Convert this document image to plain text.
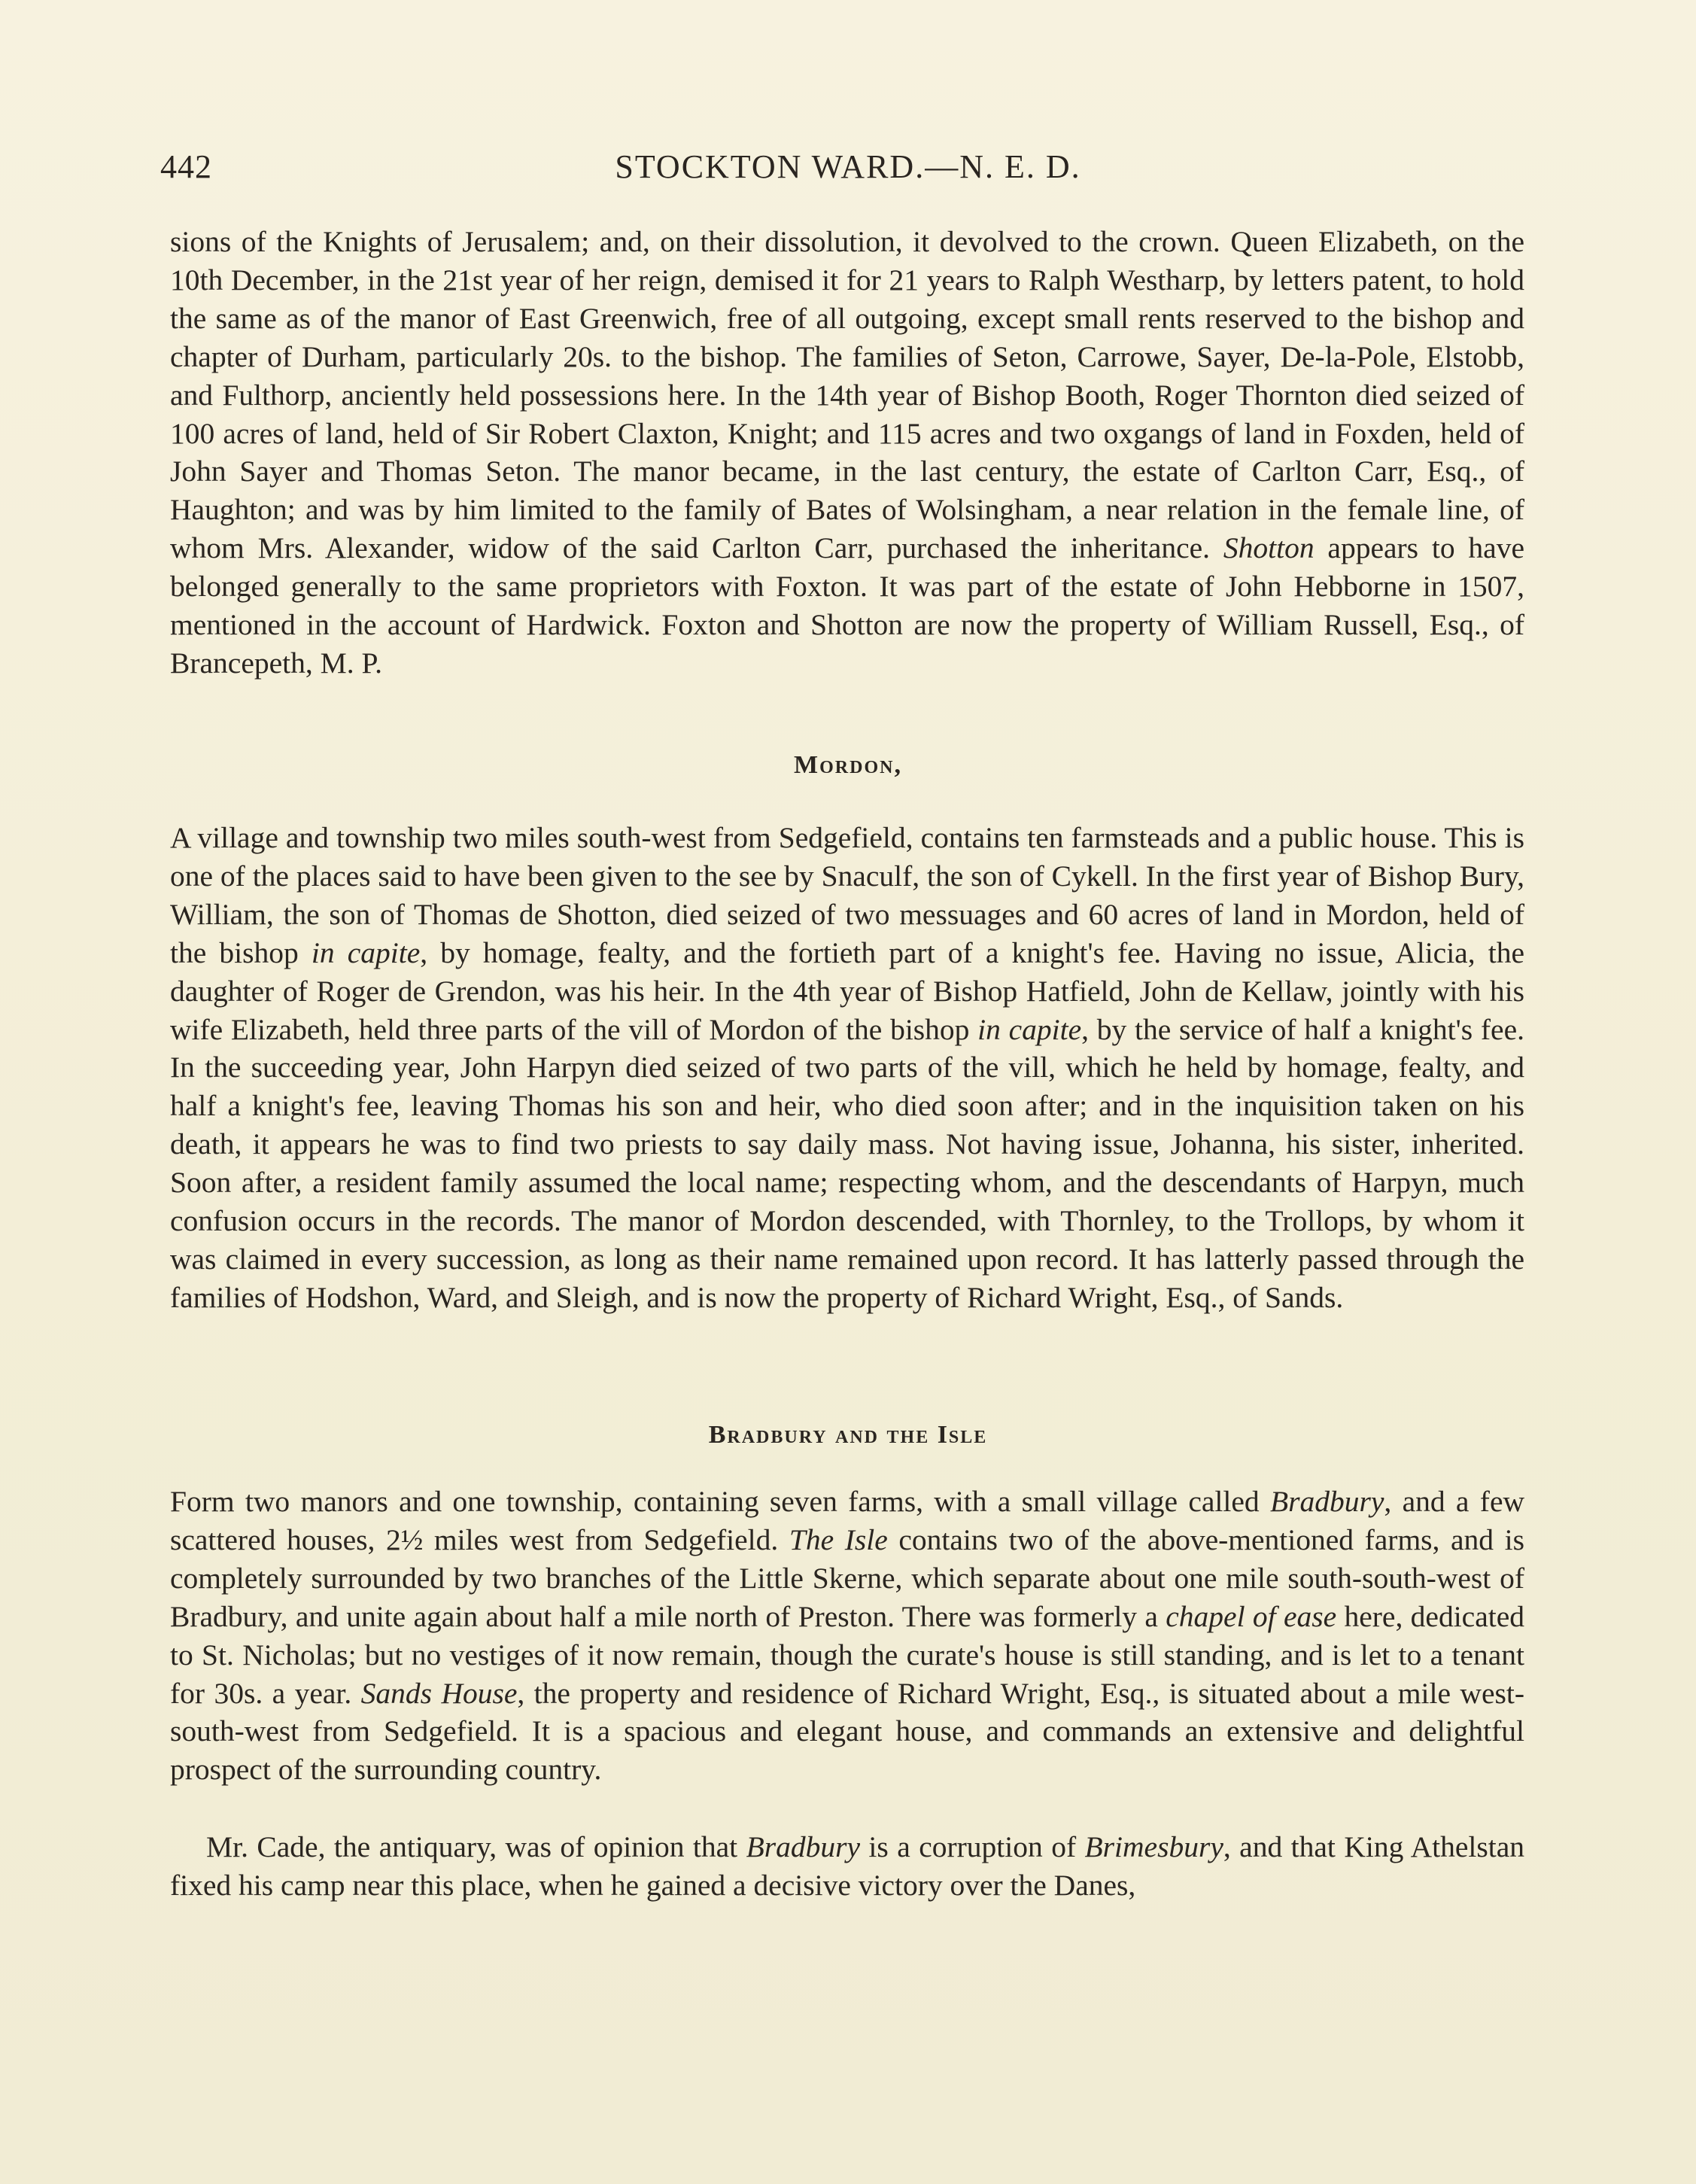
442	STOCKTON WARD.—N. E. D.

sions of the Knights of Jerusalem; and, on their dissolution, it devolved to the crown. Queen Elizabeth, on the 10th December, in the 21st year of her reign, demised it for 21 years to Ralph Westharp, by letters patent, to hold the same as of the manor of East Greenwich, free of all outgoing, except small rents reserved to the bishop and chapter of Durham, particularly 20s. to the bishop. The families of Seton, Carrowe, Sayer, De-la-Pole, Elstobb, and Fulthorp, anciently held possessions here. In the 14th year of Bishop Booth, Roger Thornton died seized of 100 acres of land, held of Sir Robert Claxton, Knight; and 115 acres and two oxgangs of land in Foxden, held of John Sayer and Thomas Seton. The manor became, in the last century, the estate of Carlton Carr, Esq., of Haughton; and was by him limited to the family of Bates of Wolsingham, a near relation in the female line, of whom Mrs. Alexander, widow of the said Carlton Carr, purchased the inheritance. Shotton appears to have belonged generally to the same proprietors with Foxton. It was part of the estate of John Hebborne in 1507, mentioned in the account of Hardwick. Foxton and Shotton are now the property of William Russell, Esq., of Brancepeth, M. P.

Mordon,

A village and township two miles south-west from Sedgefield, contains ten farmsteads and a public house. This is one of the places said to have been given to the see by Snaculf, the son of Cykell. In the first year of Bishop Bury, William, the son of Thomas de Shotton, died seized of two messuages and 60 acres of land in Mordon, held of the bishop in capite, by homage, fealty, and the fortieth part of a knight's fee. Having no issue, Alicia, the daughter of Roger de Grendon, was his heir. In the 4th year of Bishop Hatfield, John de Kellaw, jointly with his wife Elizabeth, held three parts of the vill of Mordon of the bishop in capite, by the service of half a knight's fee. In the succeeding year, John Harpyn died seized of two parts of the vill, which he held by homage, fealty, and half a knight's fee, leaving Thomas his son and heir, who died soon after; and in the inquisition taken on his death, it appears he was to find two priests to say daily mass. Not having issue, Johanna, his sister, inherited. Soon after, a resident family assumed the local name; respecting whom, and the descendants of Harpyn, much confusion occurs in the records. The manor of Mordon descended, with Thornley, to the Trollops, by whom it was claimed in every succession, as long as their name remained upon record. It has latterly passed through the families of Hodshon, Ward, and Sleigh, and is now the property of Richard Wright, Esq., of Sands.

Bradbury and the Isle

Form two manors and one township, containing seven farms, with a small village called Bradbury, and a few scattered houses, 2½ miles west from Sedgefield. The Isle contains two of the above-mentioned farms, and is completely surrounded by two branches of the Little Skerne, which separate about one mile south-south-west of Bradbury, and unite again about half a mile north of Preston. There was formerly a chapel of ease here, dedicated to St. Nicholas; but no vestiges of it now remain, though the curate's house is still standing, and is let to a tenant for 30s. a year. Sands House, the property and residence of Richard Wright, Esq., is situated about a mile west-south-west from Sedgefield. It is a spacious and elegant house, and commands an extensive and delightful prospect of the surrounding country.

Mr. Cade, the antiquary, was of opinion that Bradbury is a corruption of Brimesbury, and that King Athelstan fixed his camp near this place, when he gained a decisive victory over the Danes,
